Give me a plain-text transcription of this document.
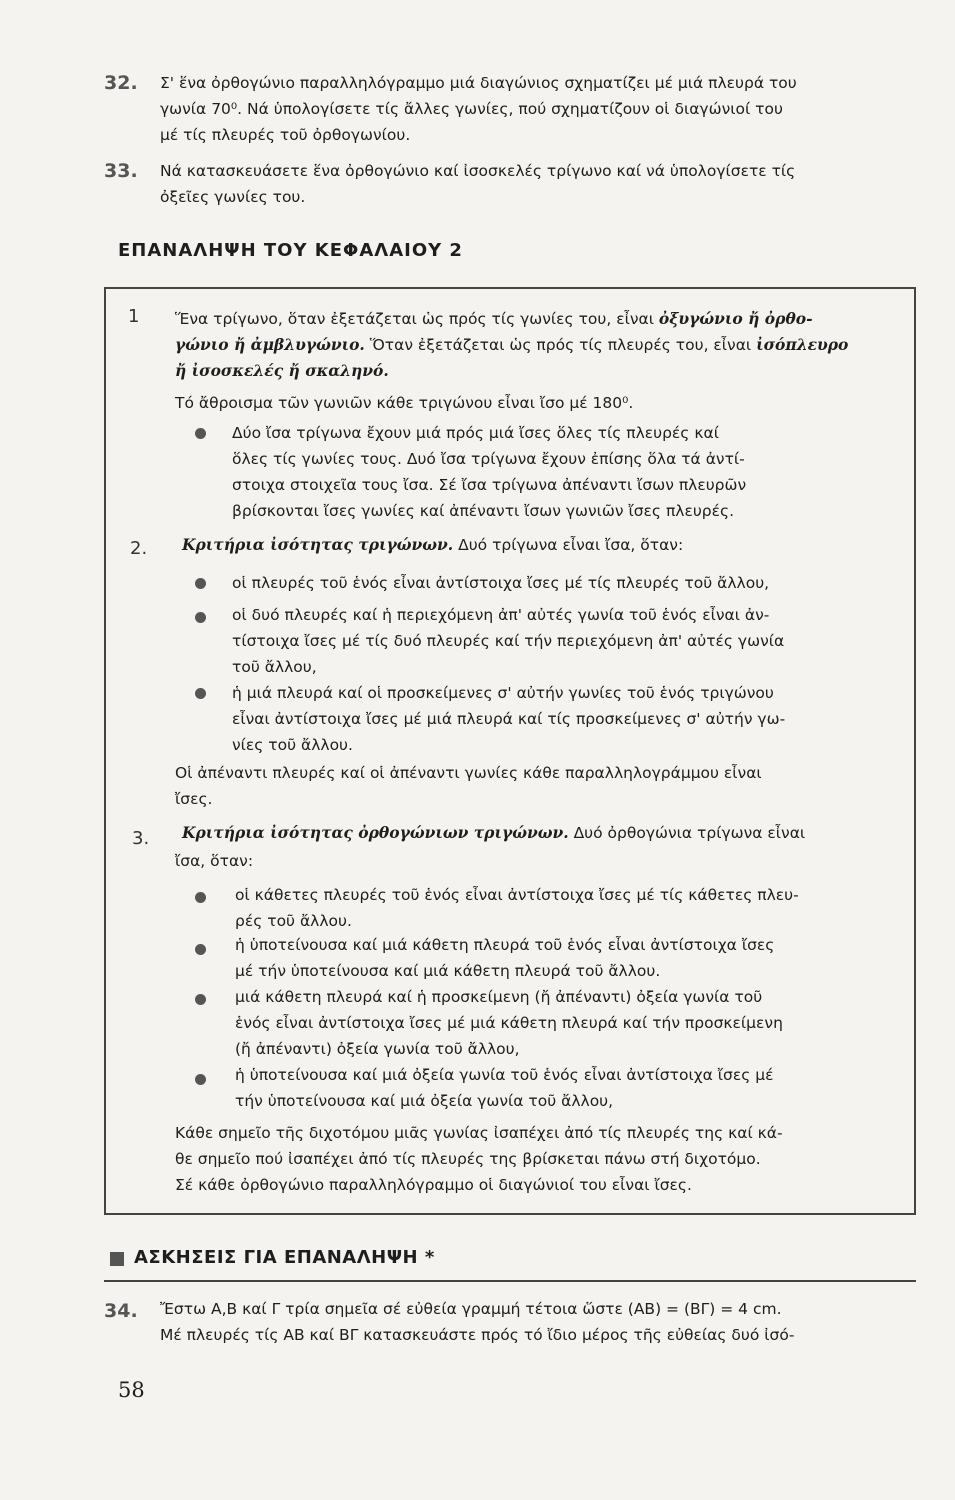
32. Σ' ἕνα ὀρθογώνιο παραλληλόγραμμο μιά διαγώνιος σχηματίζει μέ μιά πλευρά του
γωνία 70⁰. Νά ὑπολογίσετε τίς ἄλλες γωνίες, πού σχηματίζουν οἱ διαγώνιοί του
μέ τίς πλευρές τοῦ ὀρθογωνίου.
33. Νά κατασκευάσετε ἕνα ὀρθογώνιο καί ἰσοσκελές τρίγωνο καί νά ὑπολογίσετε τίς
ὀξεῖες γωνίες του.
ΕΠΑΝΑΛΗΨΗ ΤΟΥ ΚΕΦΑΛΑΙΟΥ 2
1 Ἕνα τρίγωνο, ὅταν ἐξετάζεται ὡς πρός τίς γωνίες του, εἶναι ὀξυγώνιο ἤ ὀρθο-
γώνιο ἤ ἀμβλυγώνιο. Ὅταν ἐξετάζεται ὡς πρός τίς πλευρές του, εἶναι ἰσόπλευρο
ἤ ἰσοσκελές ἤ σκαληνό.
Τό ἄθροισμα τῶν γωνιῶν κάθε τριγώνου εἶναι ἴσο μέ 180⁰.
Δύο ἴσα τρίγωνα ἔχουν μιά πρός μιά ἴσες ὅλες τίς πλευρές καί
ὅλες τίς γωνίες τους. Δυό ἴσα τρίγωνα ἔχουν ἐπίσης ὅλα τά ἀντί-
στοιχα στοιχεῖα τους ἴσα. Σέ ἴσα τρίγωνα ἀπέναντι ἴσων πλευρῶν
βρίσκονται ἴσες γωνίες καί ἀπέναντι ἴσων γωνιῶν ἴσες πλευρές.
2. Κριτήρια ἰσότητας τριγώνων. Δυό τρίγωνα εἶναι ἴσα, ὅταν:
οἱ πλευρές τοῦ ἑνός εἶναι ἀντίστοιχα ἴσες μέ τίς πλευρές τοῦ ἄλλου,
οἱ δυό πλευρές καί ἡ περιεχόμενη ἀπ' αὐτές γωνία τοῦ ἑνός εἶναι ἀν-
τίστοιχα ἴσες μέ τίς δυό πλευρές καί τήν περιεχόμενη ἀπ' αὐτές γωνία
τοῦ ἄλλου,
ἡ μιά πλευρά καί οἱ προσκείμενες σ' αὐτήν γωνίες τοῦ ἑνός τριγώνου
εἶναι ἀντίστοιχα ἴσες μέ μιά πλευρά καί τίς προσκείμενες σ' αὐτήν γω-
νίες τοῦ ἄλλου.
Οἱ ἀπέναντι πλευρές καί οἱ ἀπέναντι γωνίες κάθε παραλληλογράμμου εἶναι
ἴσες.
3. Κριτήρια ἰσότητας ὀρθογώνιων τριγώνων. Δυό ὀρθογώνια τρίγωνα εἶναι
ἴσα, ὅταν:
οἱ κάθετες πλευρές τοῦ ἑνός εἶναι ἀντίστοιχα ἴσες μέ τίς κάθετες πλευ-
ρές τοῦ ἄλλου.
ἡ ὑποτείνουσα καί μιά κάθετη πλευρά τοῦ ἑνός εἶναι ἀντίστοιχα ἴσες
μέ τήν ὑποτείνουσα καί μιά κάθετη πλευρά τοῦ ἄλλου.
μιά κάθετη πλευρά καί ἡ προσκείμενη (ἤ ἀπέναντι) ὀξεία γωνία τοῦ
ἑνός εἶναι ἀντίστοιχα ἴσες μέ μιά κάθετη πλευρά καί τήν προσκείμενη
(ἤ ἀπέναντι) ὀξεία γωνία τοῦ ἄλλου,
ἡ ὑποτείνουσα καί μιά ὀξεία γωνία τοῦ ἑνός εἶναι ἀντίστοιχα ἴσες μέ
τήν ὑποτείνουσα καί μιά ὀξεία γωνία τοῦ ἄλλου,
Κάθε σημεῖο τῆς διχοτόμου μιᾶς γωνίας ἰσαπέχει ἀπό τίς πλευρές της καί κά-
θε σημεῖο πού ἰσαπέχει ἀπό τίς πλευρές της βρίσκεται πάνω στή διχοτόμο.
Σέ κάθε ὀρθογώνιο παραλληλόγραμμο οἱ διαγώνιοί του εἶναι ἴσες.
ΑΣΚΗΣΕΙΣ ΓΙΑ ΕΠΑΝΑΛΗΨΗ *
34. Ἔστω Α,Β καί Γ τρία σημεῖα σέ εὐθεία γραμμή τέτοια ὥστε (ΑΒ) = (ΒΓ) = 4 cm.
Μέ πλευρές τίς ΑΒ καί ΒΓ κατασκευάστε πρός τό ἴδιο μέρος τῆς εὐθείας δυό ἰσό-
58
